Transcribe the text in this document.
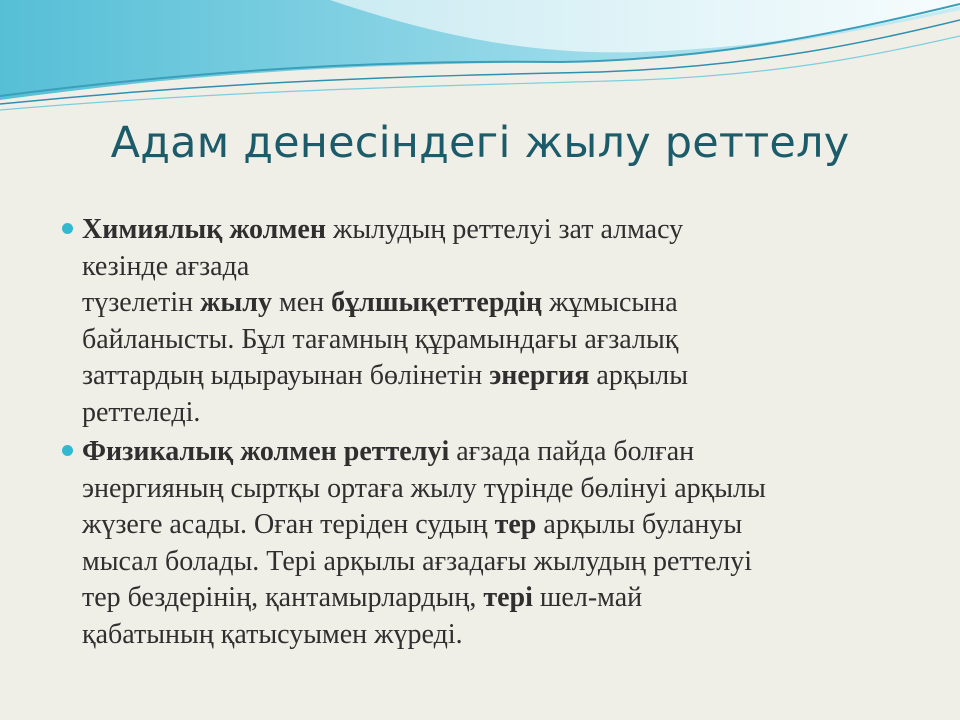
Адам денесіндегі жылу реттелу
Химиялық жолмен жылудың реттелуі зат алмасу
кезінде ағзада
түзелетін жылу мен бұлшықеттердің жұмысына
байланысты. Бұл тағамның құрамындағы ағзалық
заттардың ыдырауынан бөлінетін энергия арқылы
реттеледі.
Физикалық жолмен реттелуі ағзада пайда болған
энергияның сыртқы ортаға жылу түрінде бөлінуі арқылы
жүзеге асады. Оған теріден судың тер арқылы булануы
мысал болады. Тері арқылы ағзадағы жылудың реттелуі
тер бездерінің, қантамырлардың, тері шел-май
қабатының қатысуымен жүреді.
